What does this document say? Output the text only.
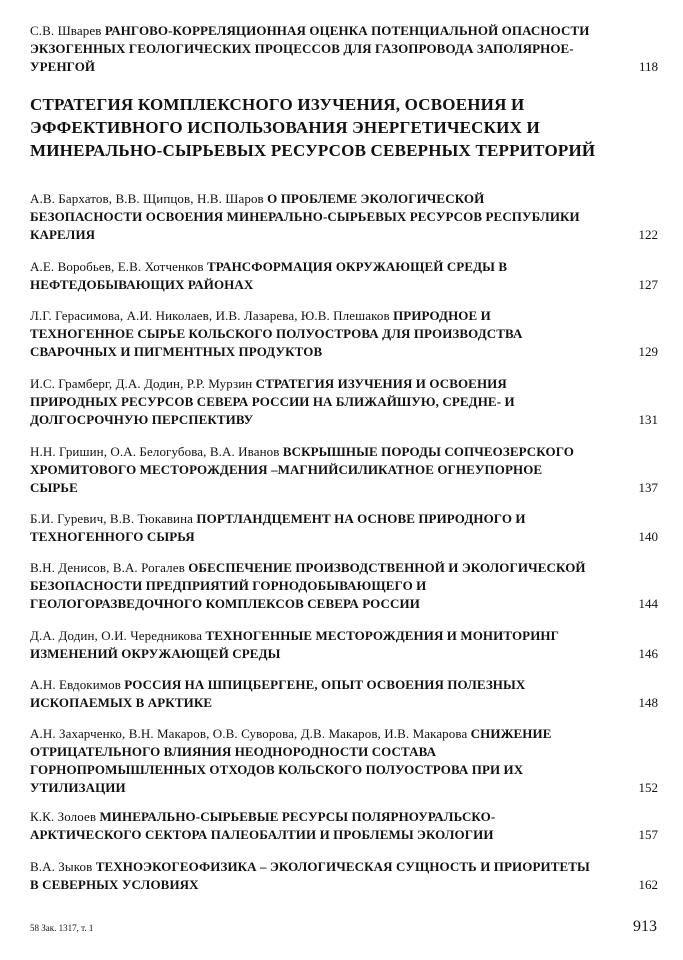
С.В. Шварев РАНГОВО-КОРРЕЛЯЦИОННАЯ ОЦЕНКА ПОТЕНЦИАЛЬНОЙ ОПАСНОСТИ ЭКЗОГЕННЫХ ГЕОЛОГИЧЕСКИХ ПРОЦЕССОВ ДЛЯ ГАЗОПРОВОДА ЗАПОЛЯРНОЕ-УРЕНГОЙ	118
СТРАТЕГИЯ КОМПЛЕКСНОГО ИЗУЧЕНИЯ, ОСВОЕНИЯ И ЭФФЕКТИВНОГО ИСПОЛЬЗОВАНИЯ ЭНЕРГЕТИЧЕСКИХ И МИНЕРАЛЬНО-СЫРЬЕВЫХ РЕСУРСОВ СЕВЕРНЫХ ТЕРРИТОРИЙ
А.В. Бархатов, В.В. Щипцов, Н.В. Шаров О ПРОБЛЕМЕ ЭКОЛОГИЧЕСКОЙ БЕЗОПАСНОСТИ ОСВОЕНИЯ МИНЕРАЛЬНО-СЫРЬЕВЫХ РЕСУРСОВ РЕСПУБЛИКИ КАРЕЛИЯ	122
А.Е. Воробьев, Е.В. Хотченков ТРАНСФОРМАЦИЯ ОКРУЖАЮЩЕЙ СРЕДЫ В НЕФТЕДОБЫВАЮЩИХ РАЙОНАХ	127
Л.Г. Герасимова, А.И. Николаев, И.В. Лазарева, Ю.В. Плешаков ПРИРОДНОЕ И ТЕХНОГЕННОЕ СЫРЬЕ КОЛЬСКОГО ПОЛУОСТРОВА ДЛЯ ПРОИЗВОДСТВА СВАРОЧНЫХ И ПИГМЕНТНЫХ ПРОДУКТОВ	129
И.С. Грамберг, Д.А. Додин, Р.Р. Мурзин СТРАТЕГИЯ ИЗУЧЕНИЯ И ОСВОЕНИЯ ПРИРОДНЫХ РЕСУРСОВ СЕВЕРА РОССИИ НА БЛИЖАЙШУЮ, СРЕДНЕ- И ДОЛГОСРОЧНУЮ ПЕРСПЕКТИВУ	131
Н.Н. Гришин, О.А. Белогубова, В.А. Иванов ВСКРЫШНЫЕ ПОРОДЫ СОПЧЕОЗЕРСКОГО ХРОМИТОВОГО МЕСТОРОЖДЕНИЯ –МАГНИЙСИЛИКАТНОЕ ОГНЕУПОРНОЕ СЫРЬЕ	137
Б.И. Гуревич, В.В. Тюкавина ПОРТЛАНДЦЕМЕНТ НА ОСНОВЕ ПРИРОДНОГО И ТЕХНОГЕННОГО СЫРЬЯ	140
В.Н. Денисов, В.А. Рогалев ОБЕСПЕЧЕНИЕ ПРОИЗВОДСТВЕННОЙ И ЭКОЛОГИЧЕСКОЙ БЕЗОПАСНОСТИ ПРЕДПРИЯТИЙ ГОРНОДОБЫВАЮЩЕГО И ГЕОЛОГОРАЗВЕДОЧНОГО КОМПЛЕКСОВ СЕВЕРА РОССИИ	144
Д.А. Додин, О.И. Чередникова ТЕХНОГЕННЫЕ МЕСТОРОЖДЕНИЯ И МОНИТОРИНГ ИЗМЕНЕНИЙ ОКРУЖАЮЩЕЙ СРЕДЫ	146
А.Н. Евдокимов РОССИЯ НА ШПИЦБЕРГЕНЕ, ОПЫТ ОСВОЕНИЯ ПОЛЕЗНЫХ ИСКОПАЕМЫХ В АРКТИКЕ	148
А.Н. Захарченко, В.Н. Макаров, О.В. Суворова, Д.В. Макаров, И.В. Макарова СНИЖЕНИЕ ОТРИЦАТЕЛЬНОГО ВЛИЯНИЯ НЕОДНОРОДНОСТИ СОСТАВА ГОРНОПРОМЫШЛЕННЫХ ОТХОДОВ КОЛЬСКОГО ПОЛУОСТРОВА ПРИ ИХ УТИЛИЗАЦИИ	152
К.К. Золоев МИНЕРАЛЬНО-СЫРЬЕВЫЕ РЕСУРСЫ ПОЛЯРНОУРАЛЬСКО-АРКТИЧЕСКОГО СЕКТОРА ПАЛЕОБАЛТИИ И ПРОБЛЕМЫ ЭКОЛОГИИ	157
В.А. Зыков ТЕХНОЭКОГЕОФИЗИКА – ЭКОЛОГИЧЕСКАЯ СУЩНОСТЬ И ПРИОРИТЕТЫ В СЕВЕРНЫХ УСЛОВИЯХ	162
58 Зак. 1317, т. 1	913
